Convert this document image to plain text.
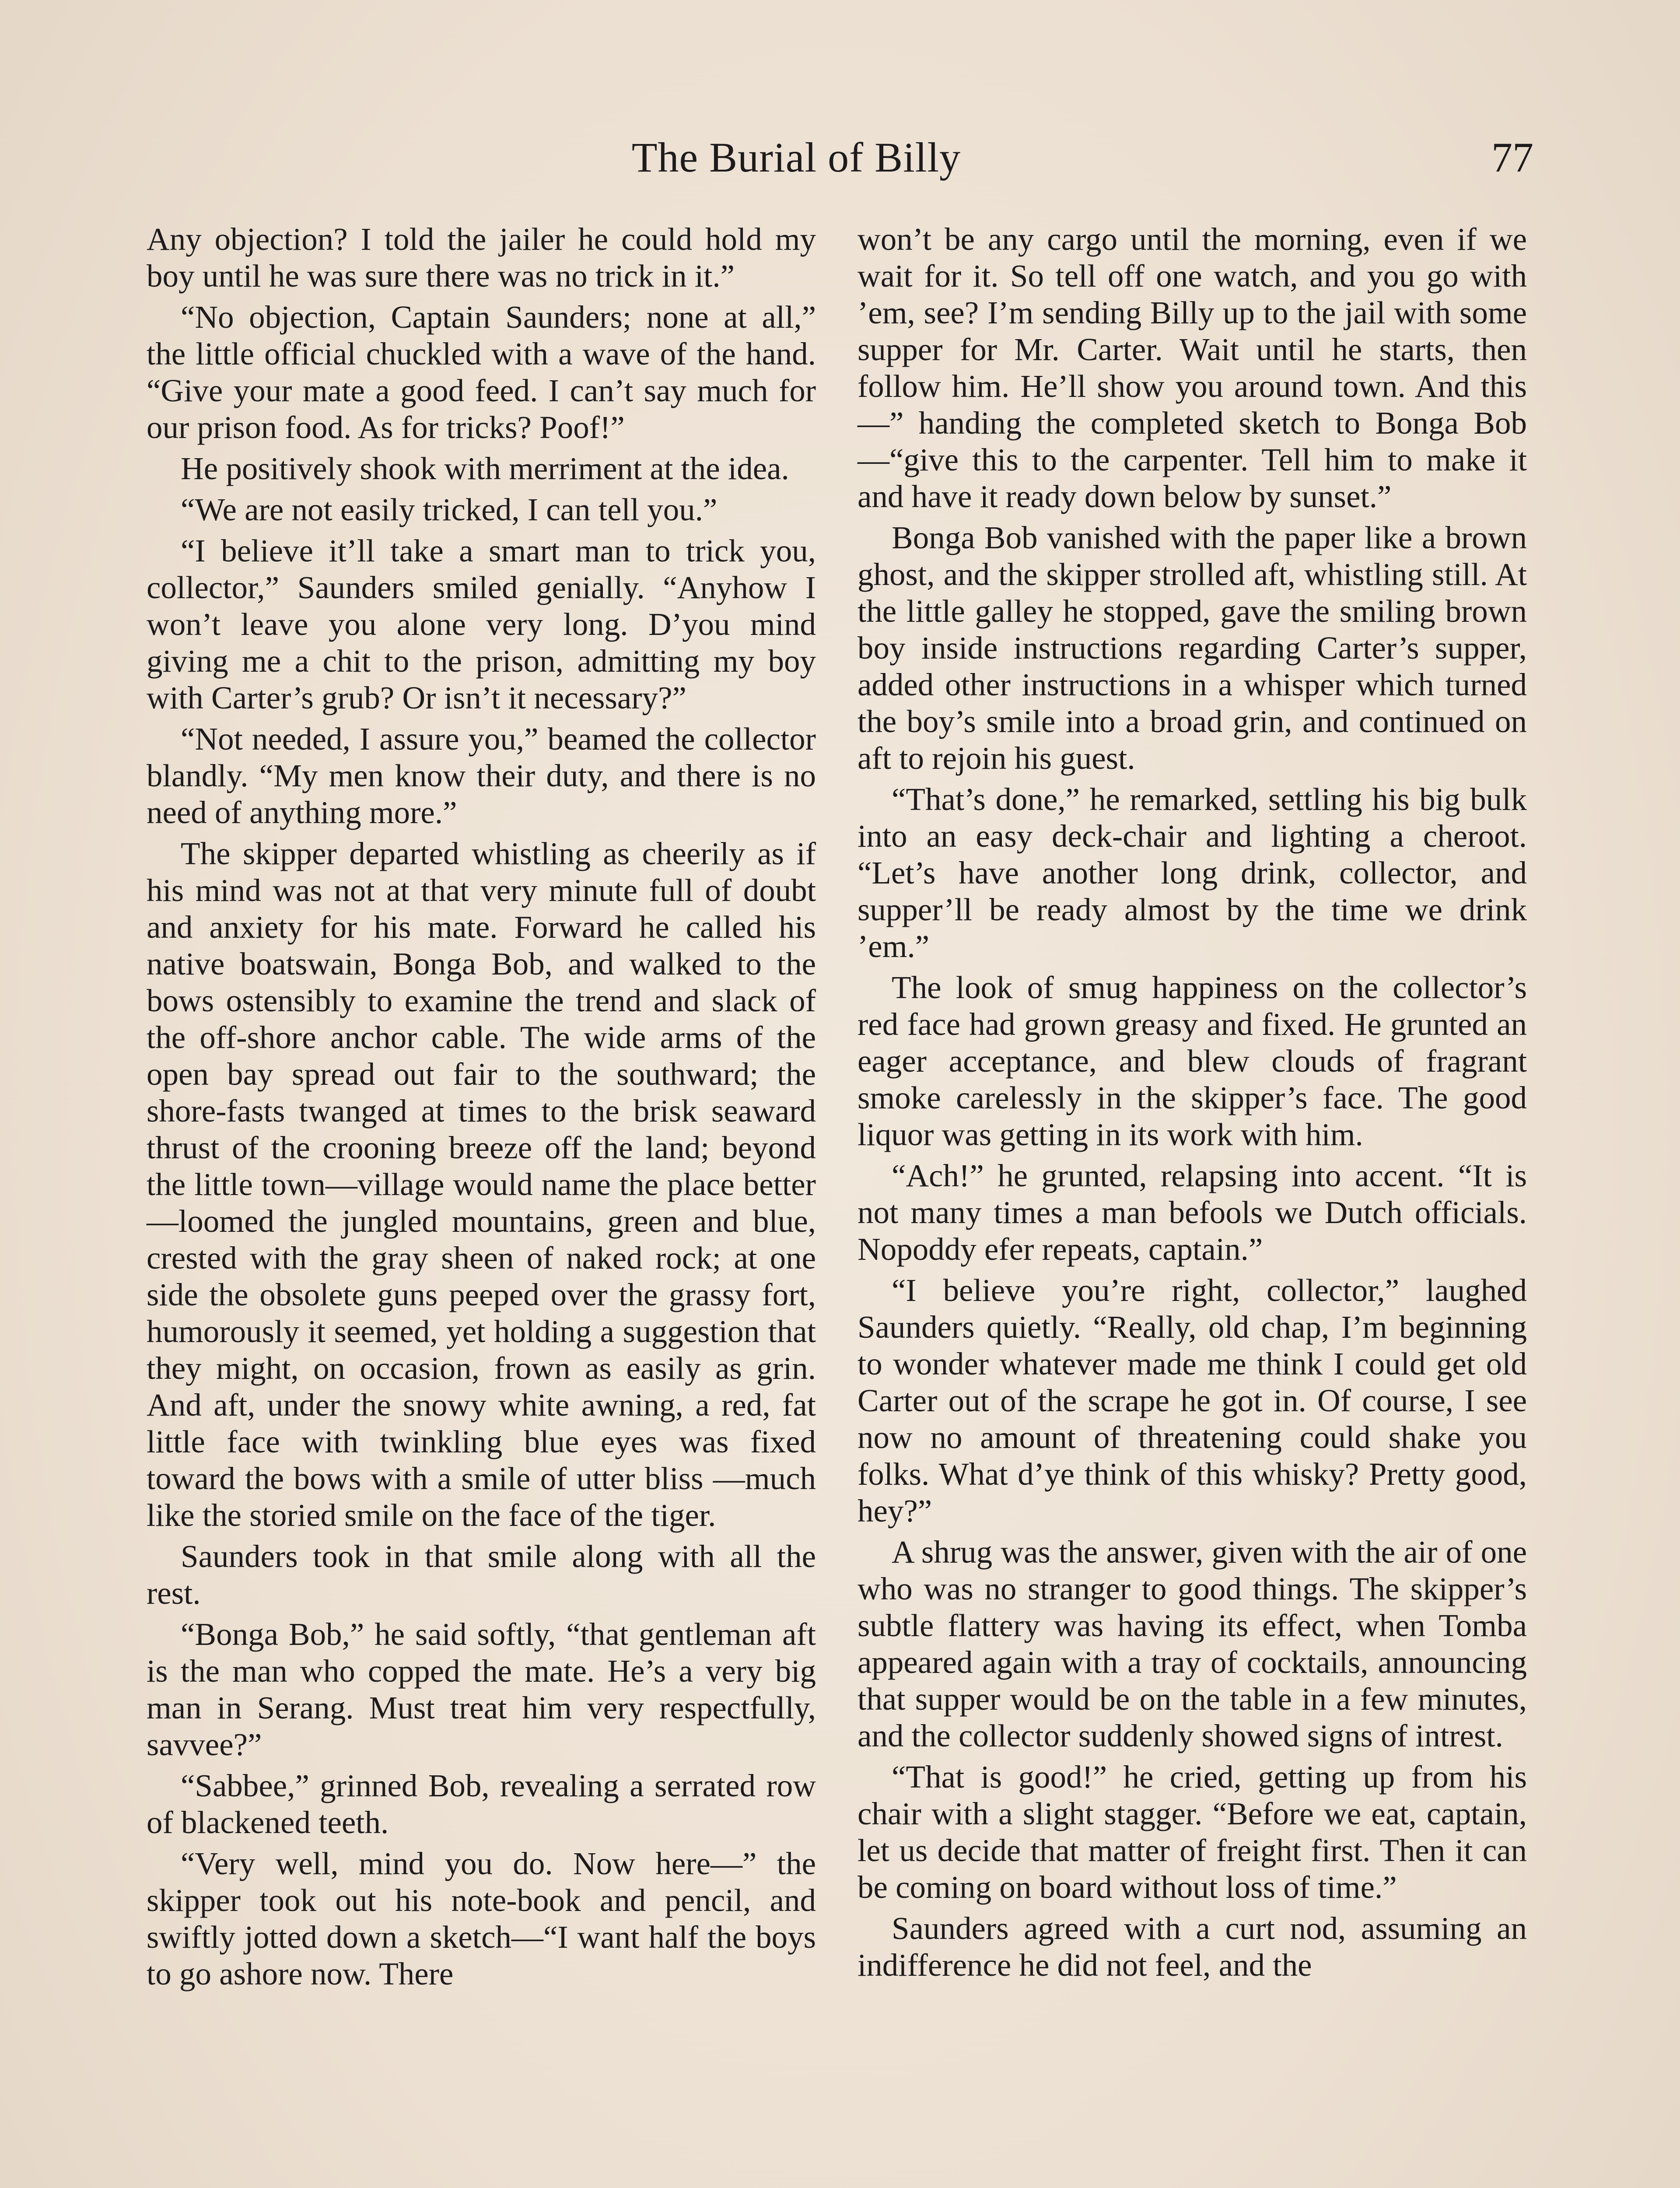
The Burial of Billy	77

Any objection? I told the jailer he could hold my boy until he was sure there was no trick in it.”

“No objection, Captain Saunders; none at all,” the little official chuckled with a wave of the hand. “Give your mate a good feed. I can’t say much for our prison food. As for tricks? Poof!”

He positively shook with merriment at the idea.

“We are not easily tricked, I can tell you.”

“I believe it’ll take a smart man to trick you, collector,” Saunders smiled genially. “Anyhow I won’t leave you alone very long. D’you mind giving me a chit to the prison, admitting my boy with Carter’s grub? Or isn’t it necessary?”

“Not needed, I assure you,” beamed the collector blandly. “My men know their duty, and there is no need of anything more.”

The skipper departed whistling as cheerily as if his mind was not at that very minute full of doubt and anxiety for his mate. Forward he called his native boatswain, Bonga Bob, and walked to the bows ostensibly to examine the trend and slack of the off-shore anchor cable. The wide arms of the open bay spread out fair to the southward; the shore-fasts twanged at times to the brisk seaward thrust of the crooning breeze off the land; beyond the little town—village would name the place better—loomed the jungled mountains, green and blue, crested with the gray sheen of naked rock; at one side the obsolete guns peeped over the grassy fort, humorously it seemed, yet holding a suggestion that they might, on occasion, frown as easily as grin. And aft, under the snowy white awning, a red, fat little face with twinkling blue eyes was fixed toward the bows with a smile of utter bliss —much like the storied smile on the face of the tiger.

Saunders took in that smile along with all the rest.

“Bonga Bob,” he said softly, “that gentleman aft is the man who copped the mate. He’s a very big man in Serang. Must treat him very respectfully, savvee?”

“Sabbee,” grinned Bob, revealing a serrated row of blackened teeth.

“Very well, mind you do. Now here—” the skipper took out his note-book and pencil, and swiftly jotted down a sketch—“I want half the boys to go ashore now. There

won’t be any cargo until the morning, even if we wait for it. So tell off one watch, and you go with ’em, see? I’m sending Billy up to the jail with some supper for Mr. Carter. Wait until he starts, then follow him. He’ll show you around town. And this—” handing the completed sketch to Bonga Bob—“give this to the carpenter. Tell him to make it and have it ready down below by sunset.”

Bonga Bob vanished with the paper like a brown ghost, and the skipper strolled aft, whistling still. At the little galley he stopped, gave the smiling brown boy inside instructions regarding Carter’s supper, added other instructions in a whisper which turned the boy’s smile into a broad grin, and continued on aft to rejoin his guest.

“That’s done,” he remarked, settling his big bulk into an easy deck-chair and lighting a cheroot. “Let’s have another long drink, collector, and supper’ll be ready almost by the time we drink ’em.”

The look of smug happiness on the collector’s red face had grown greasy and fixed. He grunted an eager acceptance, and blew clouds of fragrant smoke carelessly in the skipper’s face. The good liquor was getting in its work with him.

“Ach!” he grunted, relapsing into accent. “It is not many times a man befools we Dutch officials. Nopoddy efer repeats, captain.”

“I believe you’re right, collector,” laughed Saunders quietly. “Really, old chap, I’m beginning to wonder whatever made me think I could get old Carter out of the scrape he got in. Of course, I see now no amount of threatening could shake you folks. What d’ye think of this whisky? Pretty good, hey?”

A shrug was the answer, given with the air of one who was no stranger to good things. The skipper’s subtle flattery was having its effect, when Tomba appeared again with a tray of cocktails, announcing that supper would be on the table in a few minutes, and the collector suddenly showed signs of intrest.

“That is good!” he cried, getting up from his chair with a slight stagger. “Before we eat, captain, let us decide that matter of freight first. Then it can be coming on board without loss of time.”

Saunders agreed with a curt nod, assuming an indifference he did not feel, and the
